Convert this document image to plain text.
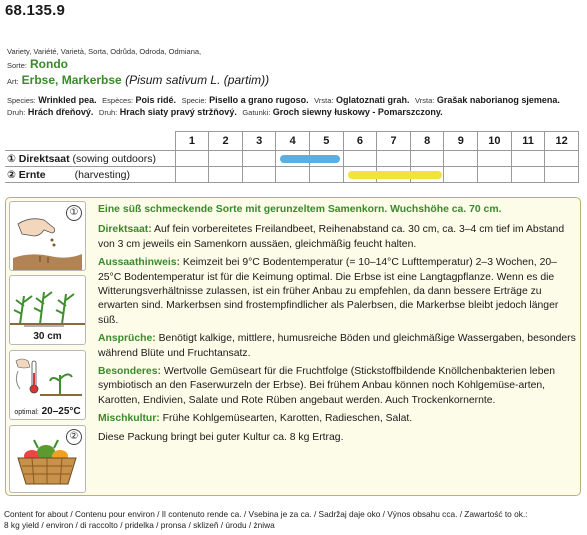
68.135.9
Variety, Variété, Varietà, Sorta, Odrůda, Odroda, Odmiana,
Sorte: Rondo
Art: Erbse, Markerbse (Pisum sativum L. (partim))
Species: Wrinkled pea. Espèces: Pois ridé. Specie: Pisello a grano rugoso. Vrsta: Oglatoznati grah. Vrsta: Grašak naborianog sjemena.
Druh: Hrách dřeňový. Druh: Hrach siaty pravý stržňový. Gatunki: Groch siewny łuskowy - Pomarszczony.
	1	2	3	4	5	6	7	8	9	10	11	12
① Direktsaat (sowing outdoors)				

② Ernte (harvesting)						

①
30 cm
optimal: 20–25°C
②

Eine süß schmeckende Sorte mit gerunzeltem Samenkorn. Wuchshöhe ca. 70 cm.

Direktsaat: Auf fein vorbereitetes Freilandbeet, Reihenabstand ca. 30 cm, ca. 3–4 cm tief im Abstand von 3 cm jeweils ein Samenkorn aussäen, gleichmäßig feucht halten.

Aussaathinweis: Keimzeit bei 9°C Bodentemperatur (= 10–14°C Lufttemperatur) 2–3 Wochen, 20–25°C Bodentemperatur ist für die Keimung optimal. Die Erbse ist eine Langtagpflanze. Wenn es die Witterungsverhältnisse zulassen, ist ein früher Anbau zu empfehlen, da dann bessere Erträge zu erwarten sind. Markerbsen sind frostempfindlicher als Palerbsen, die Markerbse bleibt jedoch länger süß.

Ansprüche: Benötigt kalkige, mittlere, humusreiche Böden und gleichmäßige Wassergaben, besonders während Blüte und Fruchtansatz.

Besonderes: Wertvolle Gemüseart für die Fruchtfolge (Stickstoffbildende Knöllchenbakterien leben symbiotisch an den Faserwurzeln der Erbse). Bei frühem Anbau können noch Kohlgemüse-arten, Karotten, Endivien, Salate und Rote Rüben angebaut werden. Auch Trockenkornernte.

Mischkultur: Frühe Kohlgemüsearten, Karotten, Radieschen, Salat.

Diese Packung bringt bei guter Kultur ca. 8 kg Ertrag.

Content for about / Contenu pour environ / Il contenuto rende ca. / Vsebina je za ca. / Sadržaj daje oko / Výnos obsahu cca. / Zawartość to ok.:
8 kg yield / environ / di raccolto / pridelka / pronsa / sklizeň / úrodu / żniwa
